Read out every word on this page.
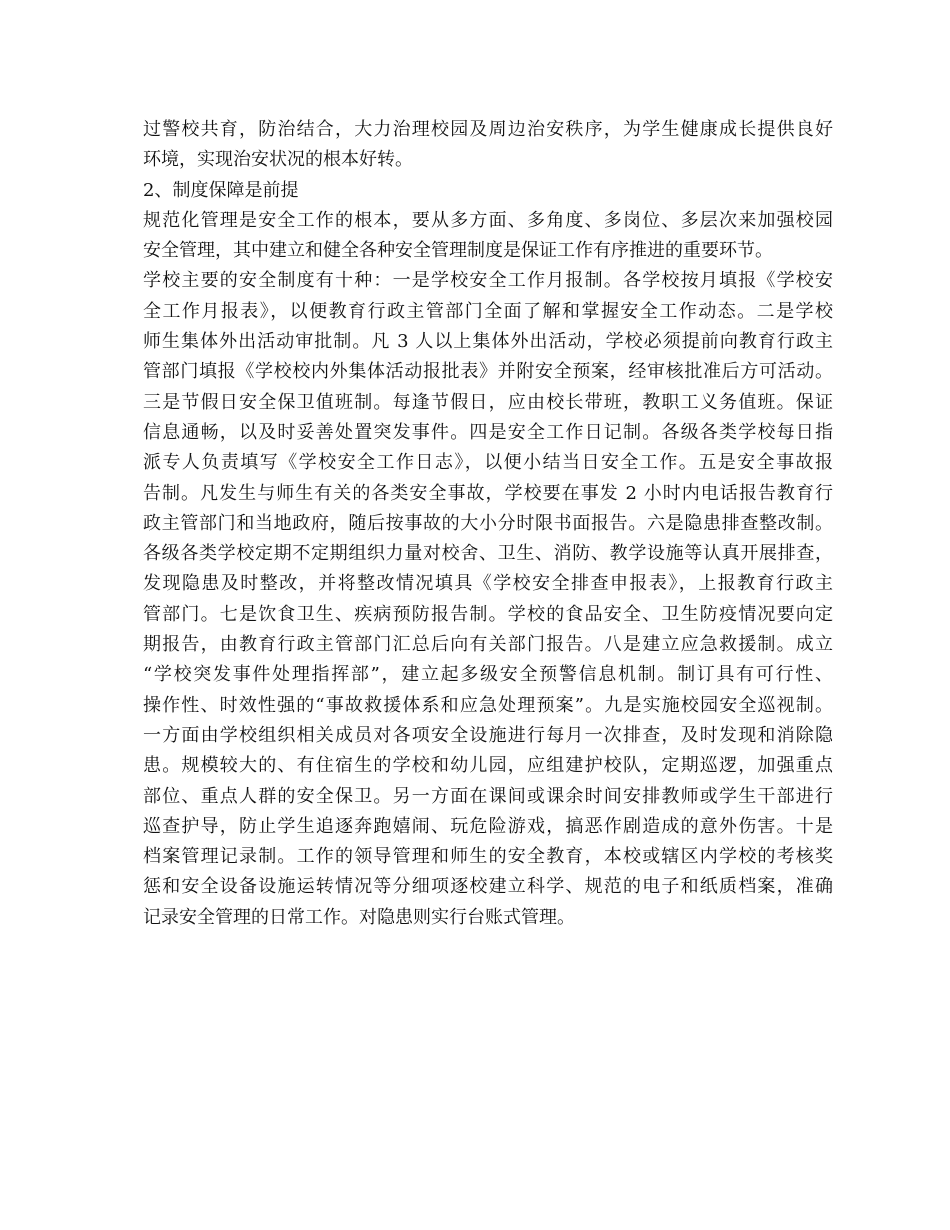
过警校共育，防治结合，大力治理校园及周边治安秩序，为学生健康成长提供良好
环境，实现治安状况的根本好转。
2、制度保障是前提
规范化管理是安全工作的根本，要从多方面、多角度、多岗位、多层次来加强校园
安全管理，其中建立和健全各种安全管理制度是保证工作有序推进的重要环节。
学校主要的安全制度有十种：一是学校安全工作月报制。各学校按月填报《学校安
全工作月报表》，以便教育行政主管部门全面了解和掌握安全工作动态。二是学校
师生集体外出活动审批制。凡 3 人以上集体外出活动，学校必须提前向教育行政主
管部门填报《学校校内外集体活动报批表》并附安全预案，经审核批准后方可活动。
三是节假日安全保卫值班制。每逢节假日，应由校长带班，教职工义务值班。保证
信息通畅，以及时妥善处置突发事件。四是安全工作日记制。各级各类学校每日指
派专人负责填写《学校安全工作日志》，以便小结当日安全工作。五是安全事故报
告制。凡发生与师生有关的各类安全事故，学校要在事发 2 小时内电话报告教育行
政主管部门和当地政府，随后按事故的大小分时限书面报告。六是隐患排查整改制。
各级各类学校定期不定期组织力量对校舍、卫生、消防、教学设施等认真开展排查，
发现隐患及时整改，并将整改情况填具《学校安全排查申报表》，上报教育行政主
管部门。七是饮食卫生、疾病预防报告制。学校的食品安全、卫生防疫情况要向定
期报告，由教育行政主管部门汇总后向有关部门报告。八是建立应急救援制。成立
“学校突发事件处理指挥部”，建立起多级安全预警信息机制。制订具有可行性、
操作性、时效性强的“事故救援体系和应急处理预案”。九是实施校园安全巡视制。
一方面由学校组织相关成员对各项安全设施进行每月一次排查，及时发现和消除隐
患。规模较大的、有住宿生的学校和幼儿园，应组建护校队，定期巡逻，加强重点
部位、重点人群的安全保卫。另一方面在课间或课余时间安排教师或学生干部进行
巡查护导，防止学生追逐奔跑嬉闹、玩危险游戏，搞恶作剧造成的意外伤害。十是
档案管理记录制。工作的领导管理和师生的安全教育，本校或辖区内学校的考核奖
惩和安全设备设施运转情况等分细项逐校建立科学、规范的电子和纸质档案，准确
记录安全管理的日常工作。对隐患则实行台账式管理。
